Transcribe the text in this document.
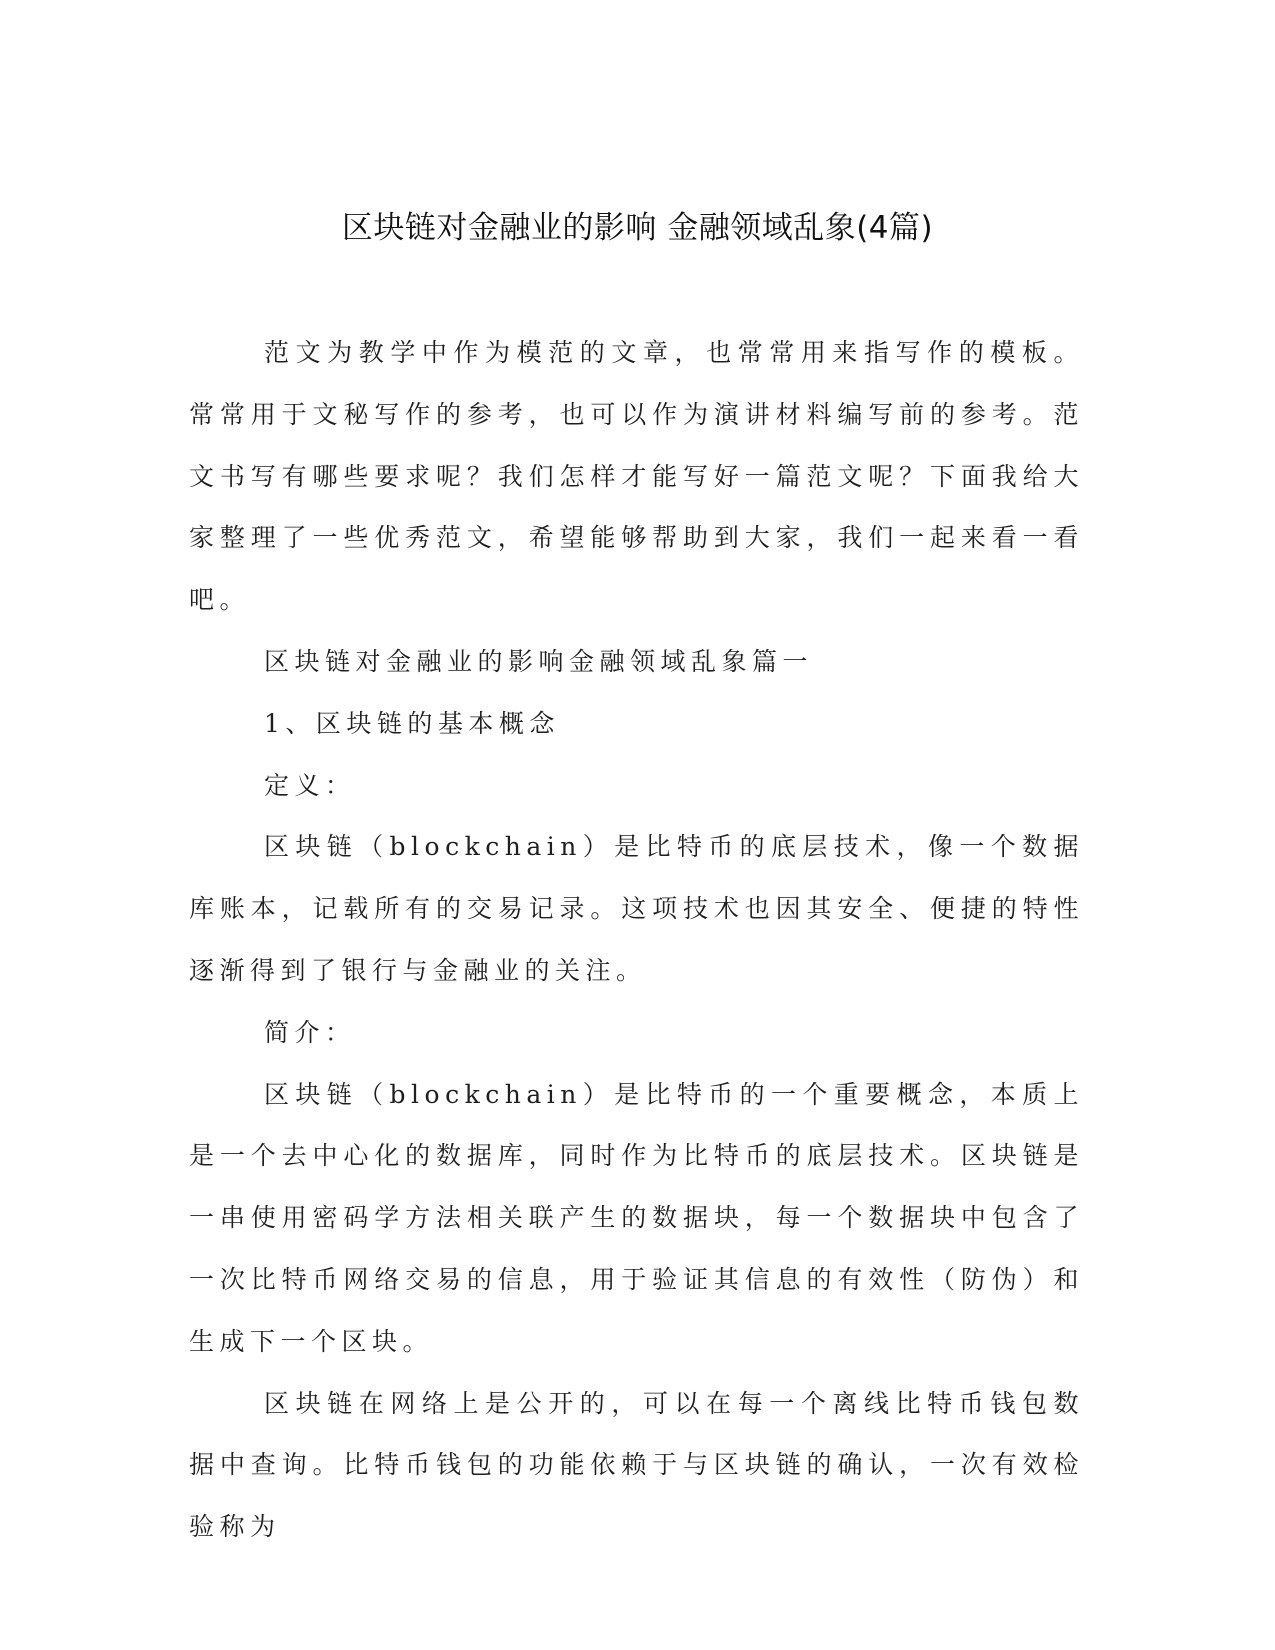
区块链对金融业的影响 金融领域乱象(4篇)

范文为教学中作为模范的文章，也常常用来指写作的模板。常常用于文秘写作的参考，也可以作为演讲材料编写前的参考。范文书写有哪些要求呢？我们怎样才能写好一篇范文呢？下面我给大家整理了一些优秀范文，希望能够帮助到大家，我们一起来看一看吧。

区块链对金融业的影响金融领域乱象篇一

1、区块链的基本概念

定义：

区块链（blockchain）是比特币的底层技术，像一个数据库账本，记载所有的交易记录。这项技术也因其安全、便捷的特性逐渐得到了银行与金融业的关注。

简介：

区块链（blockchain）是比特币的一个重要概念，本质上是一个去中心化的数据库，同时作为比特币的底层技术。区块链是一串使用密码学方法相关联产生的数据块，每一个数据块中包含了一次比特币网络交易的信息，用于验证其信息的有效性（防伪）和生成下一个区块。

区块链在网络上是公开的，可以在每一个离线比特币钱包数据中查询。比特币钱包的功能依赖于与区块链的确认，一次有效检验称为
